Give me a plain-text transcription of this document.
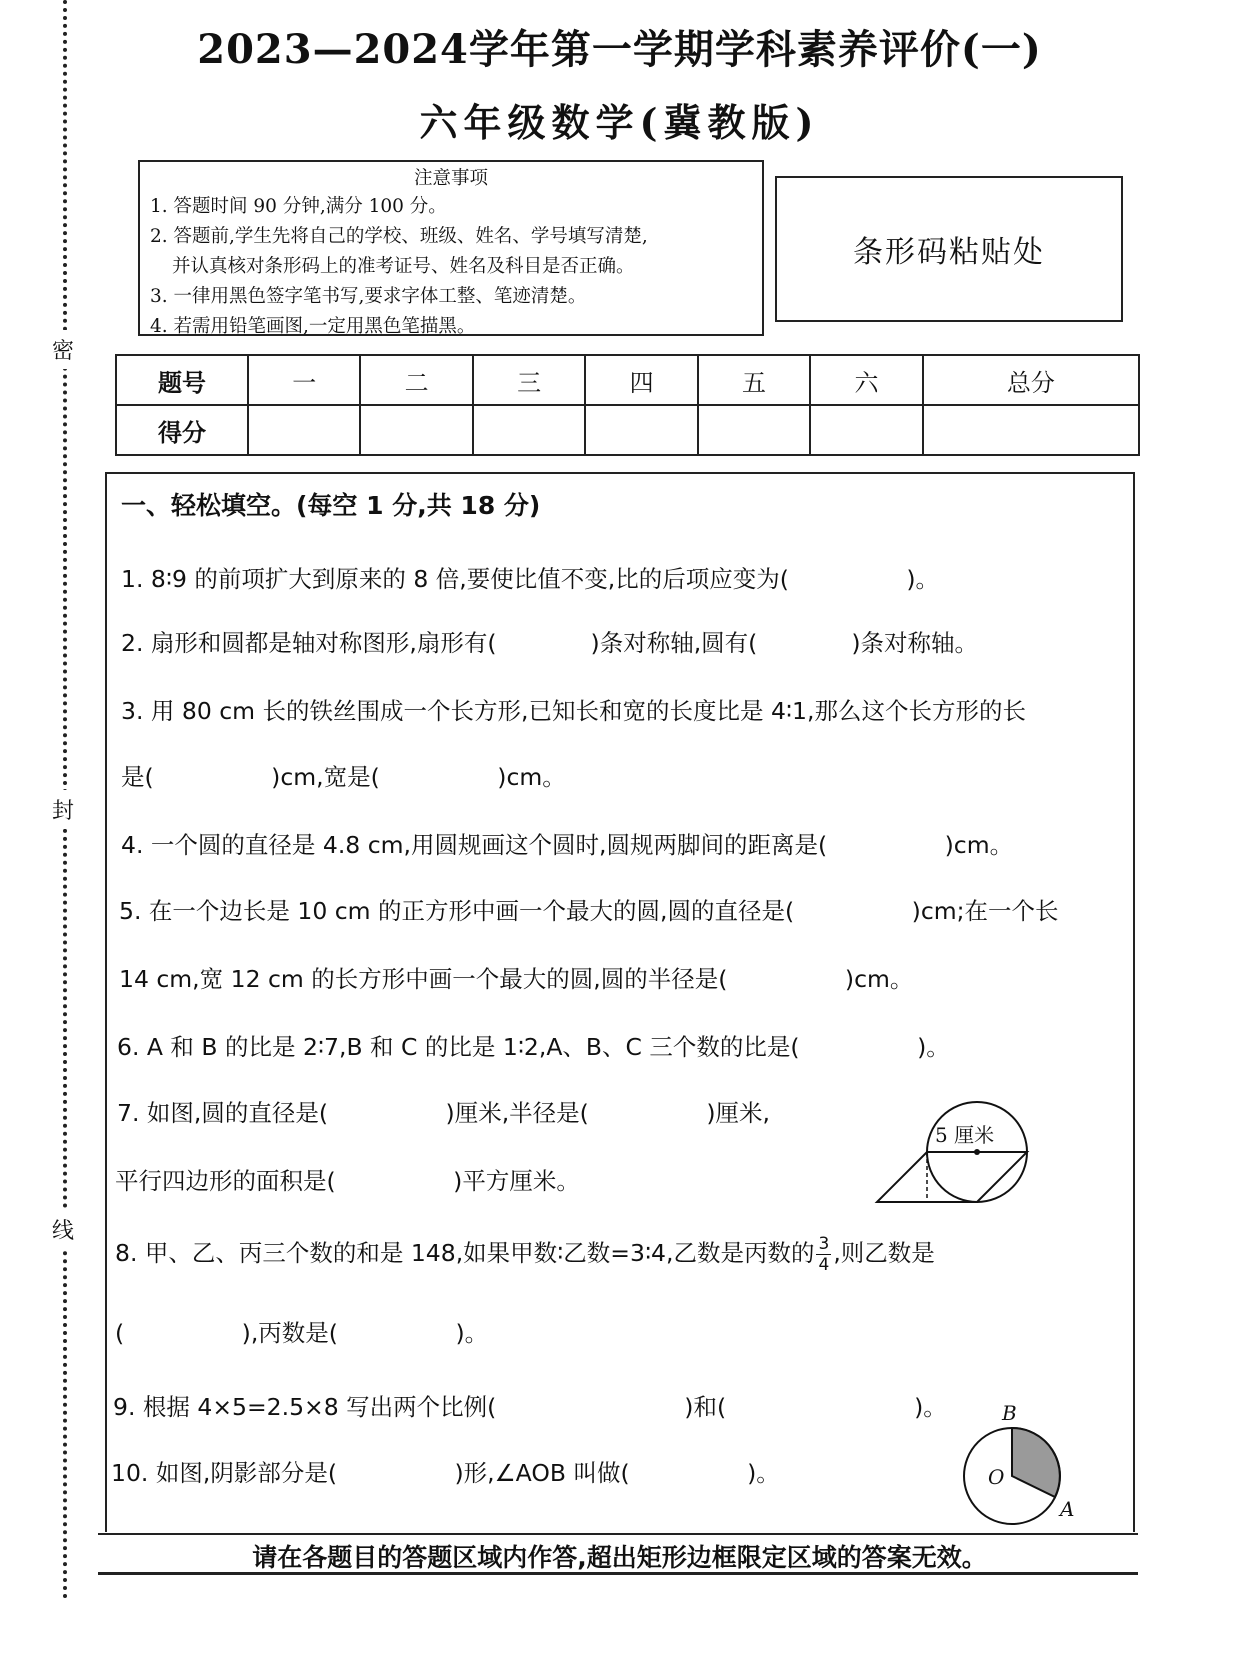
密
封
线
2023—2024学年第一学期学科素养评价(一)
六年级数学(冀教版)
注意事项
1. 答题时间 90 分钟,满分 100 分。
2. 答题前,学生先将自己的学校、班级、姓名、学号填写清楚,
并认真核对条形码上的准考证号、姓名及科目是否正确。
3. 一律用黑色签字笔书写,要求字体工整、笔迹清楚。
4. 若需用铅笔画图,一定用黑色笔描黑。
条形码粘贴处
题号	一	二	三	四	五	六	总分
得分							
一、轻松填空。(每空 1 分,共 18 分)
1. 8∶9 的前项扩大到原来的 8 倍,要使比值不变,比的后项应变为(　　　　　)。
2. 扇形和圆都是轴对称图形,扇形有(　　　　)条对称轴,圆有(　　　　)条对称轴。
3. 用 80 cm 长的铁丝围成一个长方形,已知长和宽的长度比是 4∶1,那么这个长方形的长
是(　　　　　)cm,宽是(　　　　　)cm。
4. 一个圆的直径是 4.8 cm,用圆规画这个圆时,圆规两脚间的距离是(　　　　　)cm。
5. 在一个边长是 10 cm 的正方形中画一个最大的圆,圆的直径是(　　　　　)cm;在一个长
14 cm,宽 12 cm 的长方形中画一个最大的圆,圆的半径是(　　　　　)cm。
6. A 和 B 的比是 2∶7,B 和 C 的比是 1∶2,A、B、C 三个数的比是(　　　　　)。
7. 如图,圆的直径是(　　　　　)厘米,半径是(　　　　　)厘米,
平行四边形的面积是(　　　　　)平方厘米。
5 厘米
8. 甲、乙、丙三个数的和是 148,如果甲数∶乙数=3∶4,乙数是丙数的 $\frac{3}{4}$ ,则乙数是
(　　　　　),丙数是(　　　　　)。
9. 根据 4×5=2.5×8 写出两个比例(　　　　　　　　)和(　　　　　　　　)。
10. 如图,阴影部分是(　　　　　)形,∠AOB 叫做(　　　　　)。
B
O
A
请在各题目的答题区域内作答,超出矩形边框限定区域的答案无效。
